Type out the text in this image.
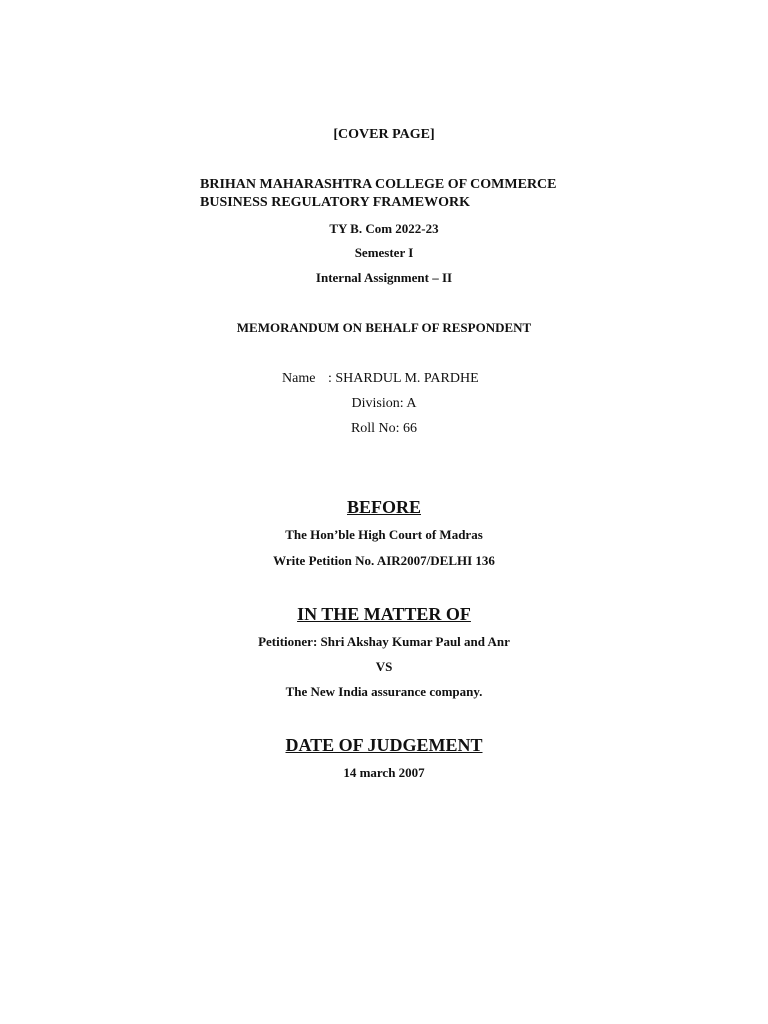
[COVER PAGE]
BRIHAN MAHARASHTRA COLLEGE OF COMMERCE
BUSINESS REGULATORY FRAMEWORK
TY B. Com 2022-23
Semester I
Internal Assignment – II
MEMORANDUM ON BEHALF OF RESPONDENT
Name : SHARDUL M. PARDHE
Division: A
Roll No: 66
BEFORE
The Hon’ble High Court of Madras
Write Petition No. AIR2007/DELHI 136
IN THE MATTER OF
Petitioner: Shri Akshay Kumar Paul and Anr
VS
The New India assurance company.
DATE OF JUDGEMENT
14 march 2007
